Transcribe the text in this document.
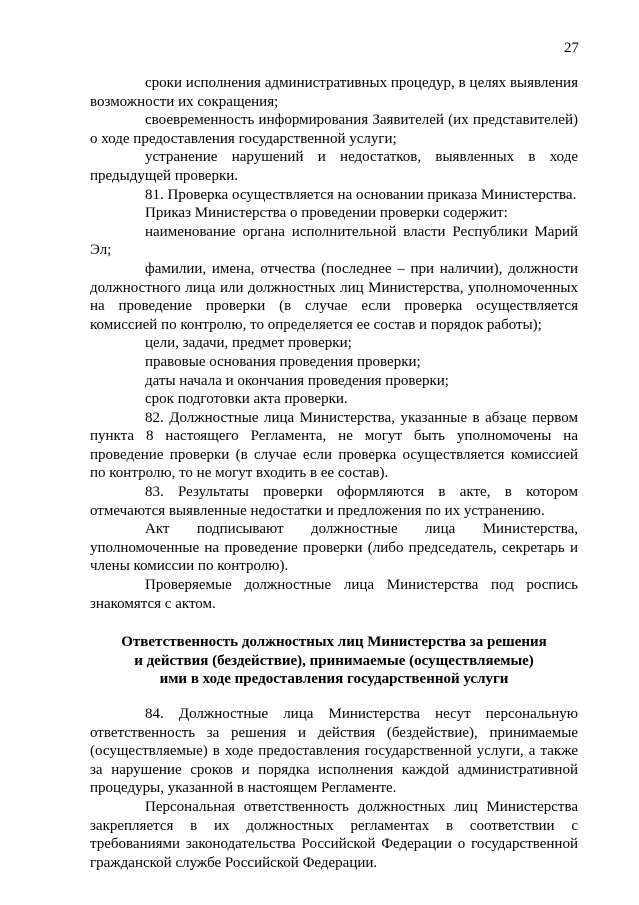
27

сроки исполнения административных процедур, в целях выявления возможности их сокращения;

своевременность информирования Заявителей (их представителей) о ходе предоставления государственной услуги;

устранение нарушений и недостатков, выявленных в ходе предыдущей проверки.

81. Проверка осуществляется на основании приказа Министерства.

Приказ Министерства о проведении проверки содержит:

наименование органа исполнительной власти Республики Марий Эл;

фамилии, имена, отчества (последнее – при наличии), должности должностного лица или должностных лиц Министерства, уполномоченных на проведение проверки (в случае если проверка осуществляется комиссией по контролю, то определяется ее состав и порядок работы);

цели, задачи, предмет проверки;

правовые основания проведения проверки;

даты начала и окончания проведения проверки;

срок подготовки акта проверки.

82. Должностные лица Министерства, указанные в абзаце первом пункта 8 настоящего Регламента, не могут быть уполномочены на проведение проверки (в случае если проверка осуществляется комиссией по контролю, то не могут входить в ее состав).

83. Результаты проверки оформляются в акте, в котором отмечаются выявленные недостатки и предложения по их устранению.

Акт подписывают должностные лица Министерства, уполномоченные на проведение проверки (либо председатель, секретарь и члены комиссии по контролю).

Проверяемые должностные лица Министерства под роспись знакомятся с актом.

Ответственность должностных лиц Министерства за решения
и действия (бездействие), принимаемые (осуществляемые)
ими в ходе предоставления государственной услуги

84. Должностные лица Министерства несут персональную ответственность за решения и действия (бездействие), принимаемые (осуществляемые) в ходе предоставления государственной услуги, а также за нарушение сроков и порядка исполнения каждой административной процедуры, указанной в настоящем Регламенте.

Персональная ответственность должностных лиц Министерства закрепляется в их должностных регламентах в соответствии с требованиями законодательства Российской Федерации о государственной гражданской службе Российской Федерации.
